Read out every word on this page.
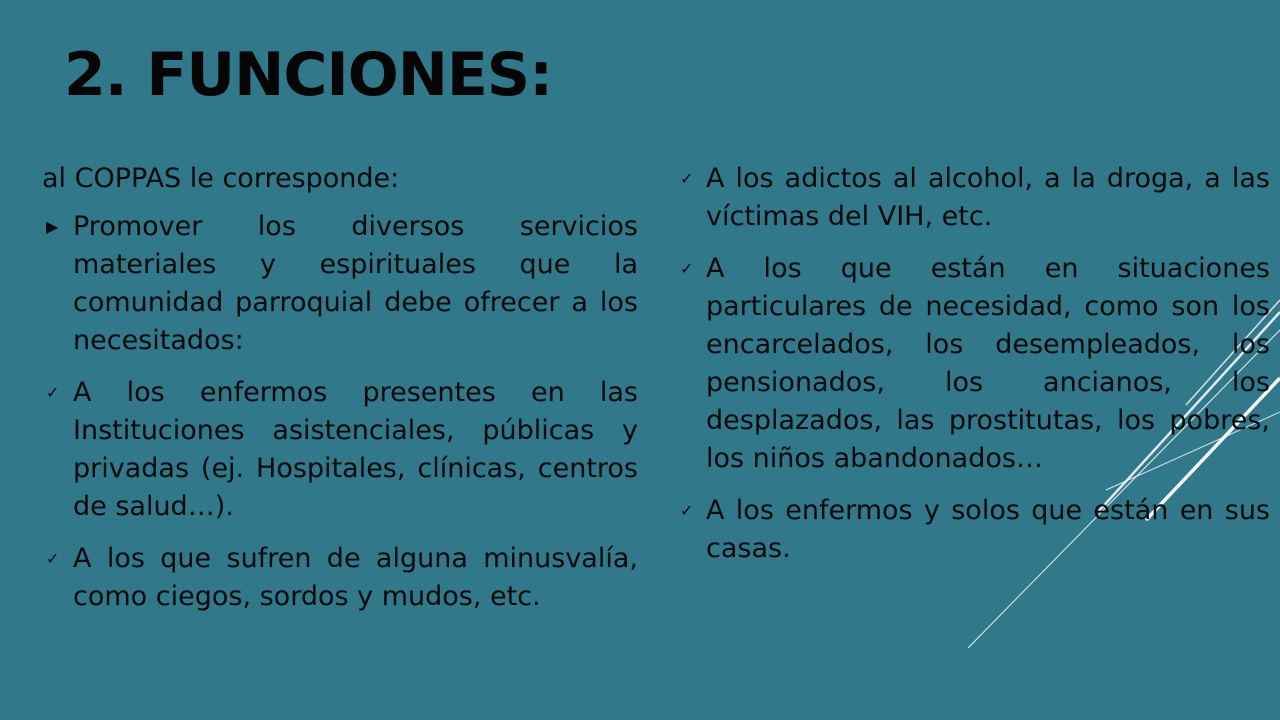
2. FUNCIONES:

al COPPAS le corresponde:

▶ Promover los diversos servicios materiales y espirituales que la comunidad parroquial debe ofrecer a los necesitados:
✓ A los enfermos presentes en las Instituciones asistenciales, públicas y privadas (ej. Hospitales, clínicas, centros de salud…).
✓ A los que sufren de alguna minusvalía, como ciegos, sordos y mudos, etc.
✓ A los adictos al alcohol, a la droga, a las víctimas del VIH, etc.
✓ A los que están en situaciones particulares de necesidad, como son los encarcelados, los desempleados, los pensionados, los ancianos, los desplazados, las prostitutas, los pobres, los niños abandonados…
✓ A los enfermos y solos que están en sus casas.
